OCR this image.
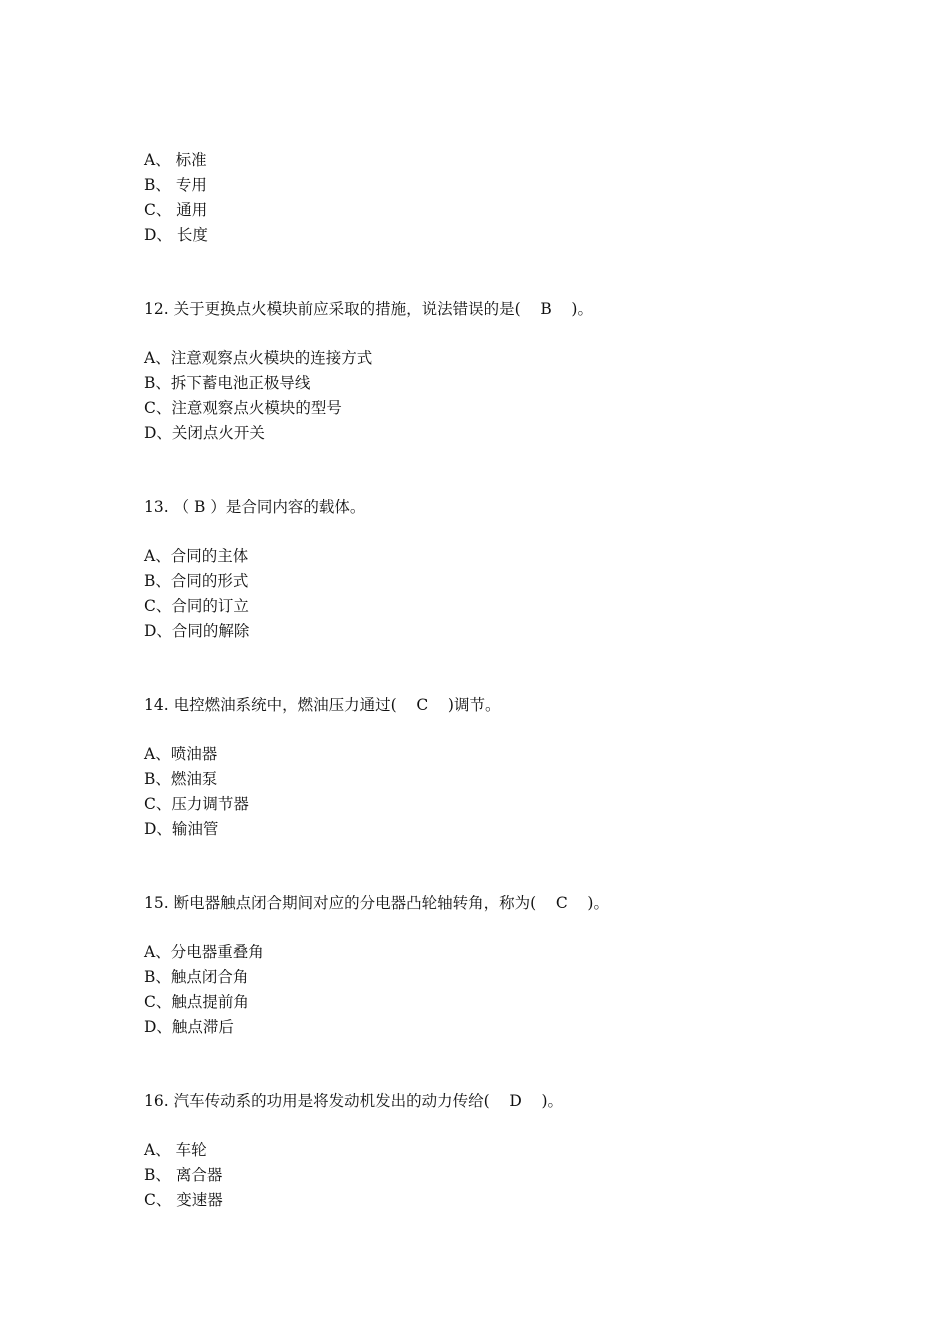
A、 标准
B、 专用
C、 通用
D、 长度
12. 关于更换点火模块前应采取的措施，说法错误的是(    B    )。
A、注意观察点火模块的连接方式
B、拆下蓄电池正极导线
C、注意观察点火模块的型号
D、关闭点火开关
13. （ B ）是合同内容的载体。
A、合同的主体
B、合同的形式
C、合同的订立
D、合同的解除
14. 电控燃油系统中，燃油压力通过(    C    )调节。
A、喷油器
B、燃油泵
C、压力调节器
D、输油管
15. 断电器触点闭合期间对应的分电器凸轮轴转角，称为(    C    )。
A、分电器重叠角
B、触点闭合角
C、触点提前角
D、触点滞后
16. 汽车传动系的功用是将发动机发出的动力传给(    D    )。
A、 车轮
B、 离合器
C、 变速器
